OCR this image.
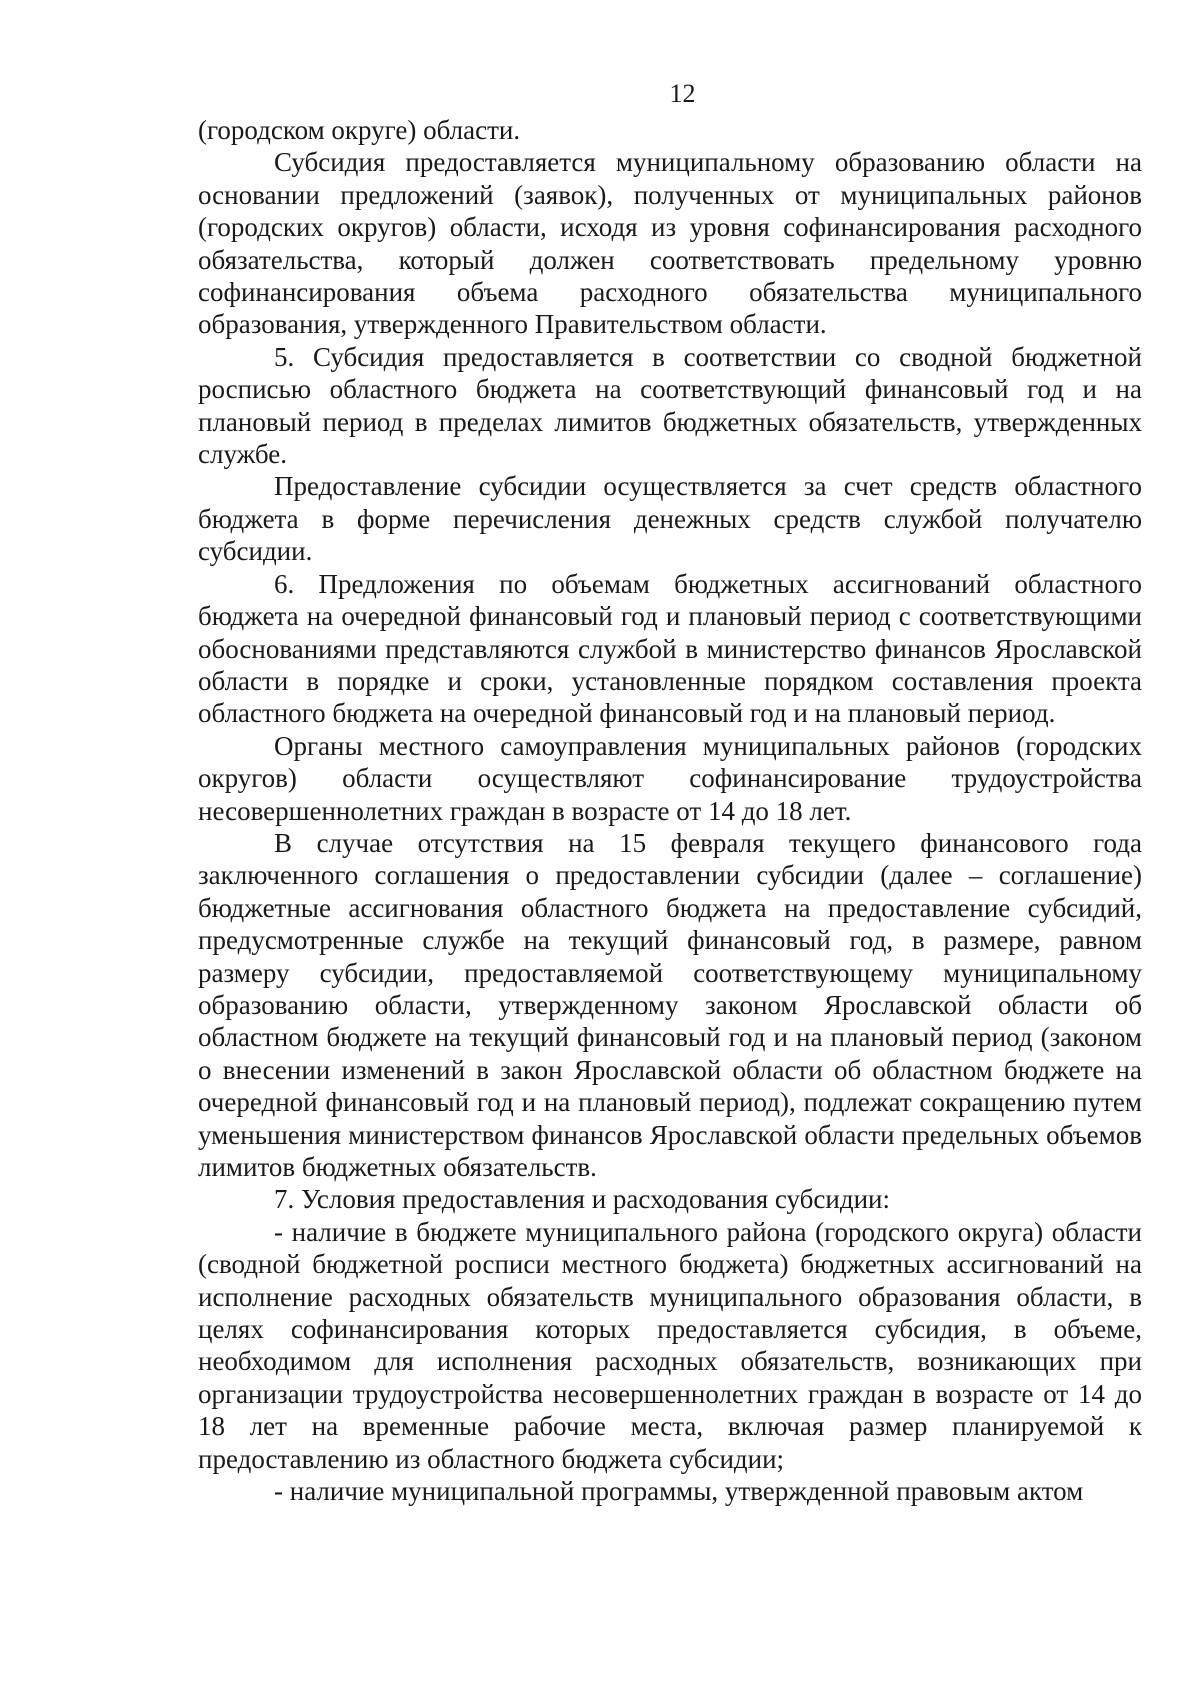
12

(городском округе) области.

Субсидия предоставляется муниципальному образованию области на основании предложений (заявок), полученных от муниципальных районов (городских округов) области, исходя из уровня софинансирования расходного обязательства, который должен соответствовать предельному уровню софинансирования объема расходного обязательства муниципального образования, утвержденного Правительством области.

5. Субсидия предоставляется в соответствии со сводной бюджетной росписью областного бюджета на соответствующий финансовый год и на плановый период в пределах лимитов бюджетных обязательств, утвержденных службе.

Предоставление субсидии осуществляется за счет средств областного бюджета в форме перечисления денежных средств службой получателю субсидии.

6. Предложения по объемам бюджетных ассигнований областного бюджета на очередной финансовый год и плановый период с соответствующими обоснованиями представляются службой в министерство финансов Ярославской области в порядке и сроки, установленные порядком составления проекта областного бюджета на очередной финансовый год и на плановый период.

Органы местного самоуправления муниципальных районов (городских округов) области осуществляют софинансирование трудоустройства несовершеннолетних граждан в возрасте от 14 до 18 лет.

В случае отсутствия на 15 февраля текущего финансового года заключенного соглашения о предоставлении субсидии (далее – соглашение) бюджетные ассигнования областного бюджета на предоставление субсидий, предусмотренные службе на текущий финансовый год, в размере, равном размеру субсидии, предоставляемой соответствующему муниципальному образованию области, утвержденному законом Ярославской области об областном бюджете на текущий финансовый год и на плановый период (законом о внесении изменений в закон Ярославской области об областном бюджете на очередной финансовый год и на плановый период), подлежат сокращению путем уменьшения министерством финансов Ярославской области предельных объемов лимитов бюджетных обязательств.

7. Условия предоставления и расходования субсидии:

- наличие в бюджете муниципального района (городского округа) области (сводной бюджетной росписи местного бюджета) бюджетных ассигнований на исполнение расходных обязательств муниципального образования области, в целях софинансирования которых предоставляется субсидия, в объеме, необходимом для исполнения расходных обязательств, возникающих при организации трудоустройства несовершеннолетних граждан в возрасте от 14 до 18 лет на временные рабочие места, включая размер планируемой к предоставлению из областного бюджета субсидии;

- наличие муниципальной программы, утвержденной правовым актом
